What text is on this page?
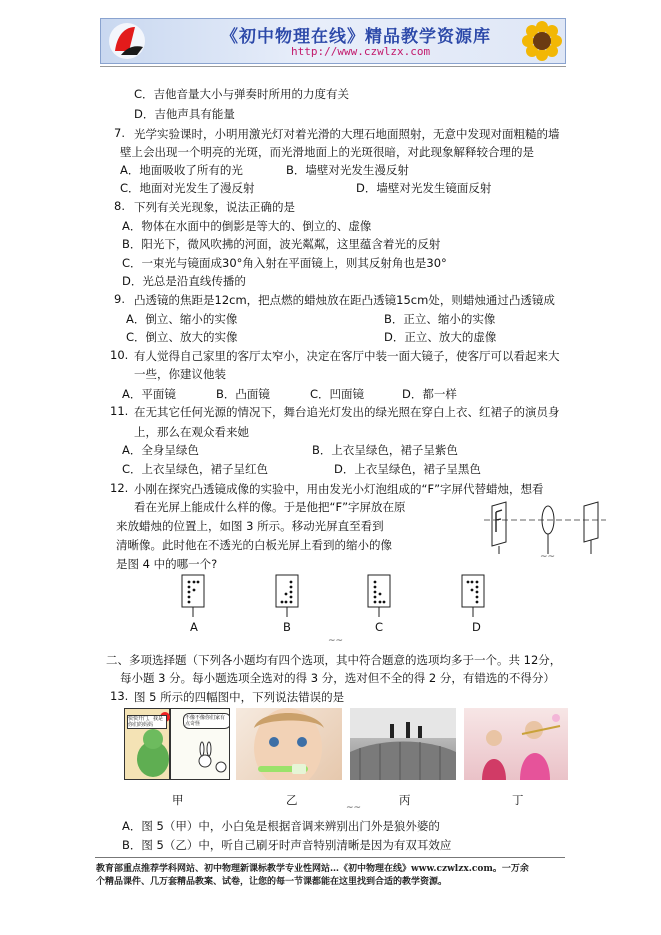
《初中物理在线》精品教学资源库
http://www.czwlzx.com
C．吉他音量大小与弹奏时所用的力度有关
D．吉他声具有能量
7. 光学实验课时，小明用激光灯对着光滑的大理石地面照射，无意中发现对面粗糙的墙
壁上会出现一个明亮的光斑，而光滑地面上的光斑很暗，对此现象解释较合理的是
A．地面吸收了所有的光	B．墙壁对光发生漫反射
C．地面对光发生了漫反射	D．墙壁对光发生镜面反射
8. 下列有关光现象，说法正确的是
A．物体在水面中的倒影是等大的、倒立的、虚像
B．阳光下，微风吹拂的河面，波光粼粼，这里蕴含着光的反射
C．一束光与镜面成30°角入射在平面镜上，则其反射角也是30°
D．光总是沿直线传播的
9. 凸透镜的焦距是12cm，把点燃的蜡烛放在距凸透镜15cm处，则蜡烛通过凸透镜成
A．倒立、缩小的实像	B．正立、缩小的实像
C．倒立、放大的实像	D．正立、放大的虚像
10. 有人觉得自己家里的客厅太窄小，决定在客厅中装一面大镜子，使客厅可以看起来大
一些，你建议他装
A．平面镜	B．凸面镜	C．凹面镜	D．都一样
11. 在无其它任何光源的情况下，舞台追光灯发出的绿光照在穿白上衣、红裙子的演员身
上，那么在观众看来她
A．全身呈绿色	B．上衣呈绿色，裙子呈紫色
C．上衣呈绿色，裙子呈红色	D．上衣呈绿色，裙子呈黑色
12. 小刚在探究凸透镜成像的实验中，用由发光小灯泡组成的“F”字屏代替蜡烛，想看
看在光屏上能成什么样的像。于是他把“F”字屏放在原
来放蜡烛的位置上，如图 3 所示。移动光屏直至看到
清晰像。此时他在不透光的白板光屏上看到的缩小的像
是图 4 中的哪一个?	~~
A	B	C	D
~~
二、多项选择题（下列各小题均有四个选项，其中符合题意的选项均多于一个。共 12分，
每小题 3 分。每小题选项全选对的得 3 分，选对但不全的得 2 分，有错选的不得分）
13. 图 5 所示的四幅图中，下列说法错误的是
快快开门，我是你们的妈妈
不像不像你们家有点奇怪
甲	乙	丙	丁
~~
A．图 5（甲）中，小白兔是根据音调来辨别出门外是狼外婆的
B．图 5（乙）中，听自己刷牙时声音特别清晰是因为有双耳效应
教育部重点推荐学科网站、初中物理新课标教学专业性网站…《初中物理在线》www.czwlzx.com。一万余
个精品课件、几万套精品教案、试卷，让您的每一节课都能在这里找到合适的教学资源。
